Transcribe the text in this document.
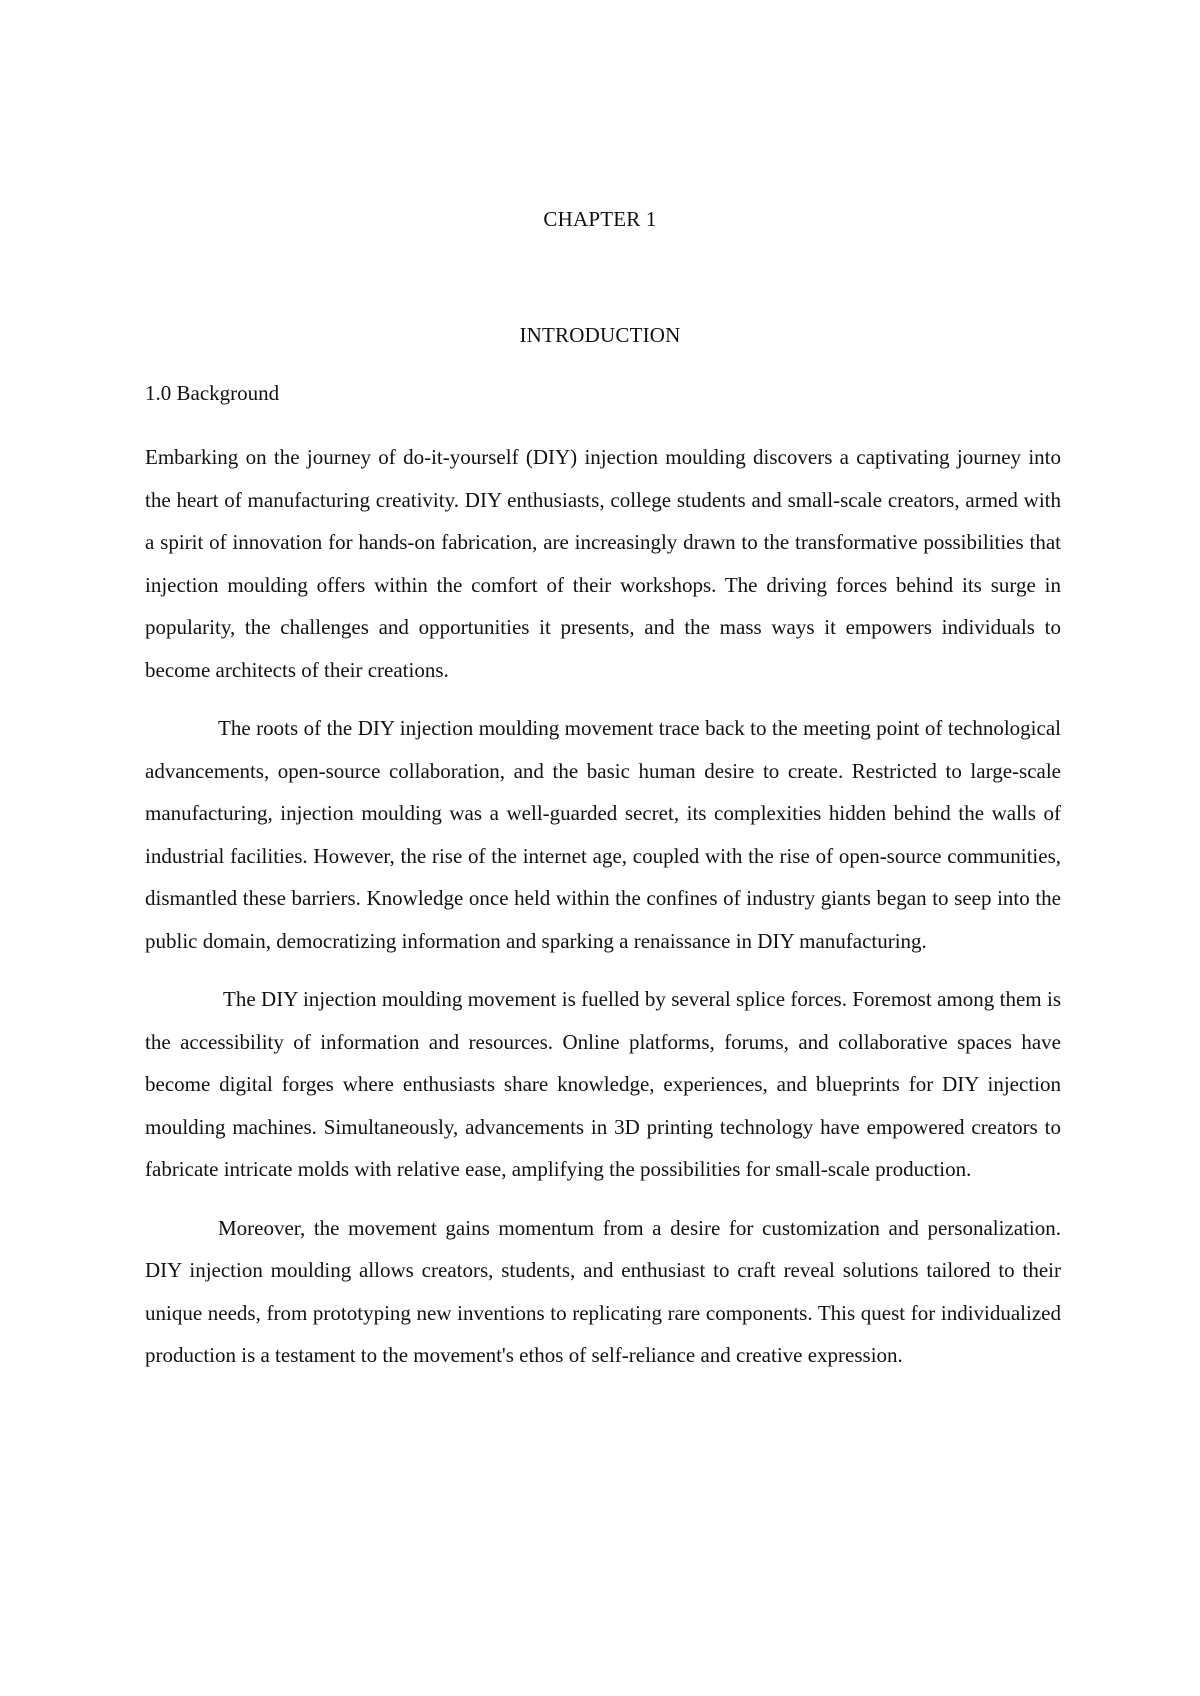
CHAPTER 1
INTRODUCTION
1.0 Background

Embarking on the journey of do-it-yourself (DIY) injection moulding discovers a captivating journey into the heart of manufacturing creativity. DIY enthusiasts, college students and small-scale creators, armed with a spirit of innovation for hands-on fabrication, are increasingly drawn to the transformative possibilities that injection moulding offers within the comfort of their workshops. The driving forces behind its surge in popularity, the challenges and opportunities it presents, and the mass ways it empowers individuals to become architects of their creations.

The roots of the DIY injection moulding movement trace back to the meeting point of technological advancements, open-source collaboration, and the basic human desire to create. Restricted to large-scale manufacturing, injection moulding was a well-guarded secret, its complexities hidden behind the walls of industrial facilities. However, the rise of the internet age, coupled with the rise of open-source communities, dismantled these barriers. Knowledge once held within the confines of industry giants began to seep into the public domain, democratizing information and sparking a renaissance in DIY manufacturing.

The DIY injection moulding movement is fuelled by several splice forces. Foremost among them is the accessibility of information and resources. Online platforms, forums, and collaborative spaces have become digital forges where enthusiasts share knowledge, experiences, and blueprints for DIY injection moulding machines. Simultaneously, advancements in 3D printing technology have empowered creators to fabricate intricate molds with relative ease, amplifying the possibilities for small-scale production.

Moreover, the movement gains momentum from a desire for customization and personalization. DIY injection moulding allows creators, students, and enthusiast to craft reveal solutions tailored to their unique needs, from prototyping new inventions to replicating rare components. This quest for individualized production is a testament to the movement's ethos of self-reliance and creative expression.
